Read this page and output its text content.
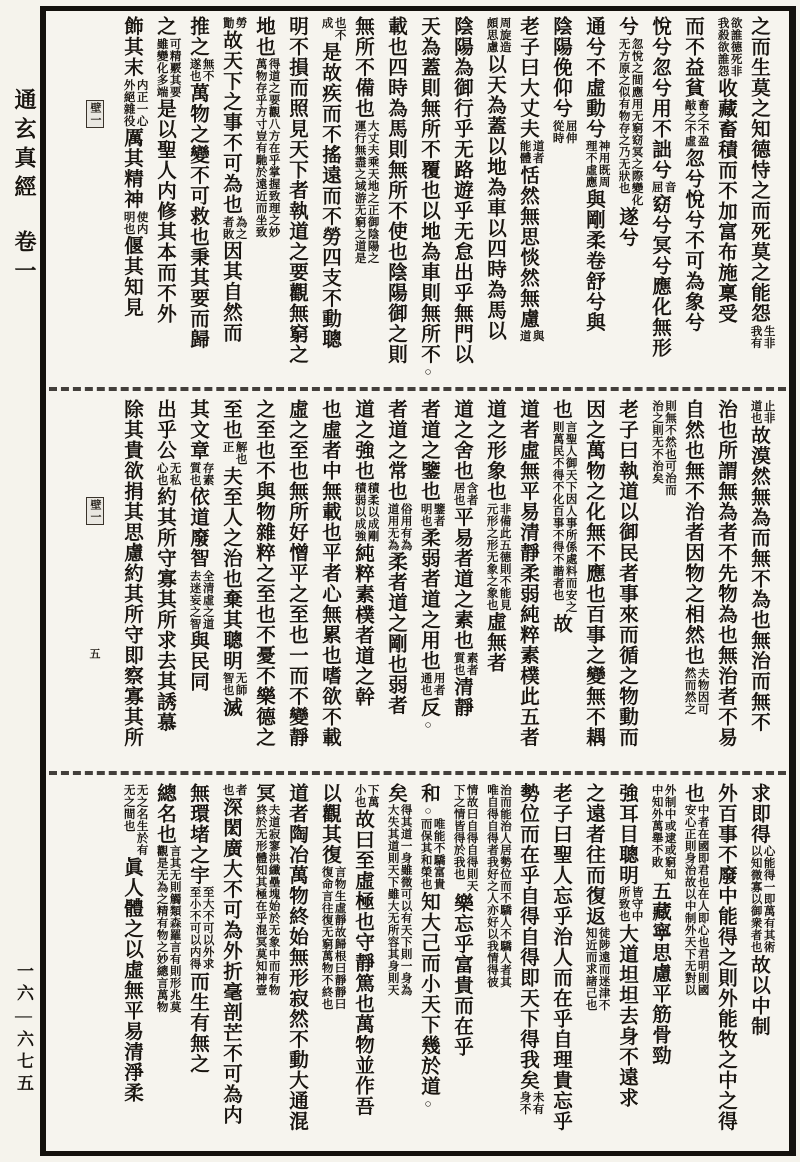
通玄真經卷一
一六—六七五
之而生莫之知德恃之而死莫之能怨
生非
我有
欲誰德死非
我殺欲誰怨
收藏畜積而不加富布施稟受
而不益貧
畜之不盈
敲之不虛
忽兮悅兮不可為象兮
悅兮忽兮用不詘兮
音
屈
窈兮冥兮應化無形
兮
忽悅之間應用无窮窈冥之際變化
无方原之似有物存之乃无狀也
遂兮
通兮不虛動兮
神用既周
理不虛應
與剛柔卷舒兮與
陰陽俛仰兮
屈伸
從時
老子曰大丈夫
道者
能體
恬然無思惔然無慮
與
道
周旋造
頗思慮
以天為蓋以地為車以四時為馬以
陰陽為御行乎无路遊乎无怠出乎無門以
天為蓋則無所不覆也以地為車則無所不○
載也四時為馬則無所不使也陰陽御之則
無所不備也
大丈夫乘天地之正御陰陽之
運行無盡之域游无窮之道是
也不
成
是故疾而不搖遠而不勞四支不動聰
明不損而照見天下者執道之要觀無窮之
地也
得道之要觀八方在乎掌握致理之妙
萬物存乎方寸豈有馳於遠近而坐致
勞
勩
故天下之事不可為也
為之
者敗
因其自然而
推之
無不
遂也
萬物之變不可救也秉其要而歸
之
可精覈其要
雖變化多端
是以聖人内修其本而不外
飾其末
内正一心
外絕雜役
厲其精神
使内
明也
偃其知見
止非
道也
故漠然無為而無不為也無治而無不
治也所謂無為者不先物為也無治者不易
自然也無不治者因物之相然也
夫物因可
然而然之
則無不然也可治而
治之則无不治矣
老子曰執道以御民者事來而循之物動而
因之萬物之化無不應也百事之變無不耦
也
言聖人御天下因人事所係處料而安之
則萬民不得不化百事不得不諧者也
故
道者虛無平易清靜柔弱純粹素樸此五者
道之形象也
非備此五德則不能見
元形之形无象之象也
虛無者
道之舍也
含者
居也
平易者道之素也
素者
質也
清靜
者道之鑒也
鑒者
明也
柔弱者道之用也
用者
通也
反○
者道之常也
俗用有為
道用无為
柔者道之剛也弱者
道之強也
積柔以成剛
積弱以成強
純粹素樸者道之幹
也虛者中無載也平者心無累也嗜欲不載
虛之至也無所好憎平之至也一而不變靜
之至也不與物雜粹之至也不憂不樂德之
至也
解也
正
夫至人之治也棄其聰明
无師
智也
滅
其文章
存素
質也
依道廢智
全清虛之道
去迷妄之智
與民同
出乎公
无私
心也
約其所守寡其所求去其誘慕
除其貴欲捐其思慮約其所守即察寡其所
求即得
心能得一即萬有其術
以知微寡以御衆者也
故以中制
外百事不廢中能得之則外能牧之中之得
也
中者在國即君也在人即心也君明則國
安心正則身治故以中制外天下无對以
外制中或逮或窮知
中知外萬舉不敗
五藏寧思慮平筋骨勁
強耳目聰明
皆守中
所致也
大道坦坦去身不遠求
之遠者往而復返
徒陟遠而迷津不
知近而求諸己也
老子曰聖人忘乎治人而在乎自理貴忘乎
勢位而在乎自得自得即天下得我矣
未有
身不
治而能治人居勢位而不驕人不驕人者其
唯自得自得者我好之人亦好以我情得彼
情故曰自得自得則天
下之情皆得於我也
樂忘乎富貴而在乎
和○
唯能不驕富貴
而保其和榮也
知大己而小天下幾於道○
矣
得其道一身雖微可以有天下則一身為
大失其道則天下雖大无所容其身則天
下萬
小也
故曰至虛極也守靜篤也萬物並作吾
以觀其復
言物生虛靜故歸根曰靜靜曰
復命言往復无窮萬物不終也
道者陶冶萬物終始無形寂然不動大通混
冥
夫道寂寥洪纖壘塊始於无象中而有物
終於无形體知其極在乎混冥莫知神壹
者
也
深閎廣大不可為外折毫剖芒不可為内
無環堵之宇
至大不可以外求
至小不可以内得
而生有無之
總名也
言其无則觸類森羅言有則形兆莫
觀是无為之精有物之妙總言萬物
无之名生於有
无之間也
眞人體之以虛無平易清淨柔
壁一
壁一
五
